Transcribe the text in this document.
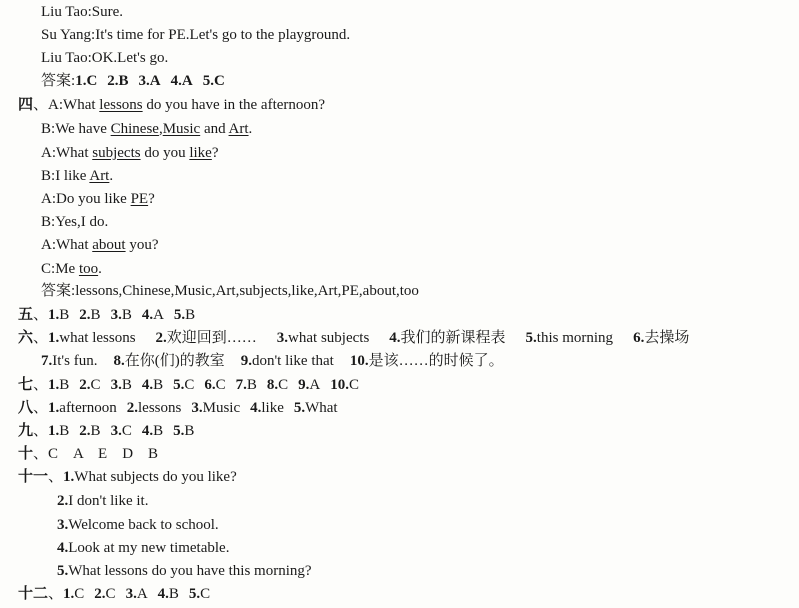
Liu Tao:Sure.
Su Yang:It's time for PE.Let's go to the playground.
Liu Tao:OK.Let's go.
答案:1.C 2.B 3.A 4.A 5.C
四、A:What lessons do you have in the afternoon?
B:We have Chinese,Music and Art.
A:What subjects do you like?
B:I like Art.
A:Do you like PE?
B:Yes,I do.
A:What about you?
C:Me too.
答案:lessons,Chinese,Music,Art,subjects,like,Art,PE,about,too
五、1.B 2.B 3.B 4.A 5.B
六、1.what lessons 2.欢迎回到…… 3.what subjects 4.我们的新课程表 5.this morning 6.去操场
7.It's fun. 8.在你(们)的教室 9.don't like that 10.是该……的时候了。
七、1.B 2.C 3.B 4.B 5.C 6.C 7.B 8.C 9.A 10.C
八、1.afternoon 2.lessons 3.Music 4.like 5.What
九、1.B 2.B 3.C 4.B 5.B
十、C　A　E　D　B
十一、1.What subjects do you like?
2.I don't like it.
3.Welcome back to school.
4.Look at my new timetable.
5.What lessons do you have this morning?
十二、1.C 2.C 3.A 4.B 5.C
